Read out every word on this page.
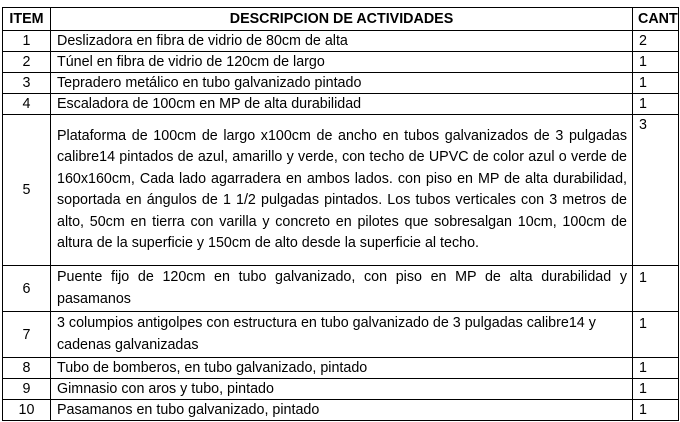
ITEM	DESCRIPCION DE ACTIVIDADES	CANT
1	Deslizadora en fibra de vidrio de 80cm de alta	2
2	Túnel en fibra de vidrio de 120cm de largo	1
3	Tepradero metálico en tubo galvanizado pintado	1
4	Escaladora de 100cm en MP de alta durabilidad	1
5	Plataforma de 100cm de largo x100cm de ancho en tubos galvanizados de 3 pulgadas calibre14 pintados de azul, amarillo y verde, con techo de UPVC de color azul o verde de 160x160cm, Cada lado agarradera en ambos lados. con piso en MP de alta durabilidad, soportada en ángulos de 1 1/2 pulgadas pintados. Los tubos verticales con 3 metros de alto, 50cm en tierra con varilla y concreto en pilotes que sobresalgan 10cm, 100cm de altura de la superficie y 150cm de alto desde la superficie al techo.	3
6	Puente fijo de 120cm en tubo galvanizado, con piso en MP de alta durabilidad y pasamanos	1
7	3 columpios antigolpes con estructura en tubo galvanizado de 3 pulgadas calibre14 y cadenas galvanizadas	1
8	Tubo de bomberos, en tubo galvanizado, pintado	1
9	Gimnasio con aros y tubo, pintado	1
10	Pasamanos en tubo galvanizado, pintado	1
